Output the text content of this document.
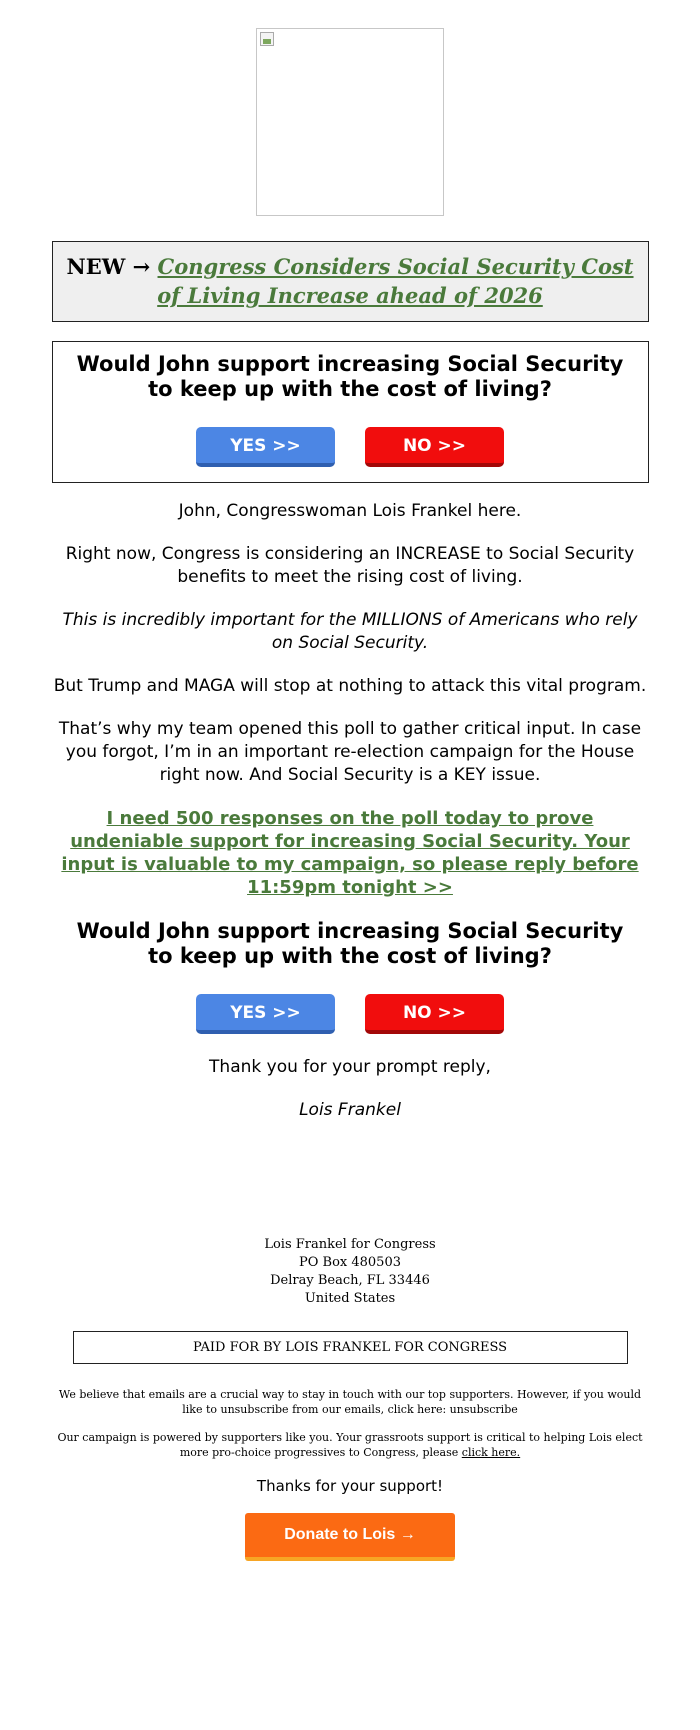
NEW → Congress Considers Social Security Cost of Living Increase ahead of 2026
Would John support increasing Social Security to keep up with the cost of living?
YES >>	NO >>

John, Congresswoman Lois Frankel here.

Right now, Congress is considering an INCREASE to Social Security benefits to meet the rising cost of living.

This is incredibly important for the MILLIONS of Americans who rely on Social Security.

But Trump and MAGA will stop at nothing to attack this vital program.

That’s why my team opened this poll to gather critical input. In case you forgot, I’m in an important re-election campaign for the House right now. And Social Security is a KEY issue.

I need 500 responses on the poll today to prove undeniable support for increasing Social Security. Your input is valuable to my campaign, so please reply before 11:59pm tonight >>
Would John support increasing Social Security to keep up with the cost of living?
YES >>	NO >>

Thank you for your prompt reply,

Lois Frankel

Lois Frankel for Congress
PO Box 480503
Delray Beach, FL 33446
United States
PAID FOR BY LOIS FRANKEL FOR CONGRESS
We believe that emails are a crucial way to stay in touch with our top supporters. However, if you would like to unsubscribe from our emails, click here: unsubscribe
Our campaign is powered by supporters like you. Your grassroots support is critical to helping Lois elect more pro-choice progressives to Congress, please click here.
Thanks for your support!
Donate to Lois →
